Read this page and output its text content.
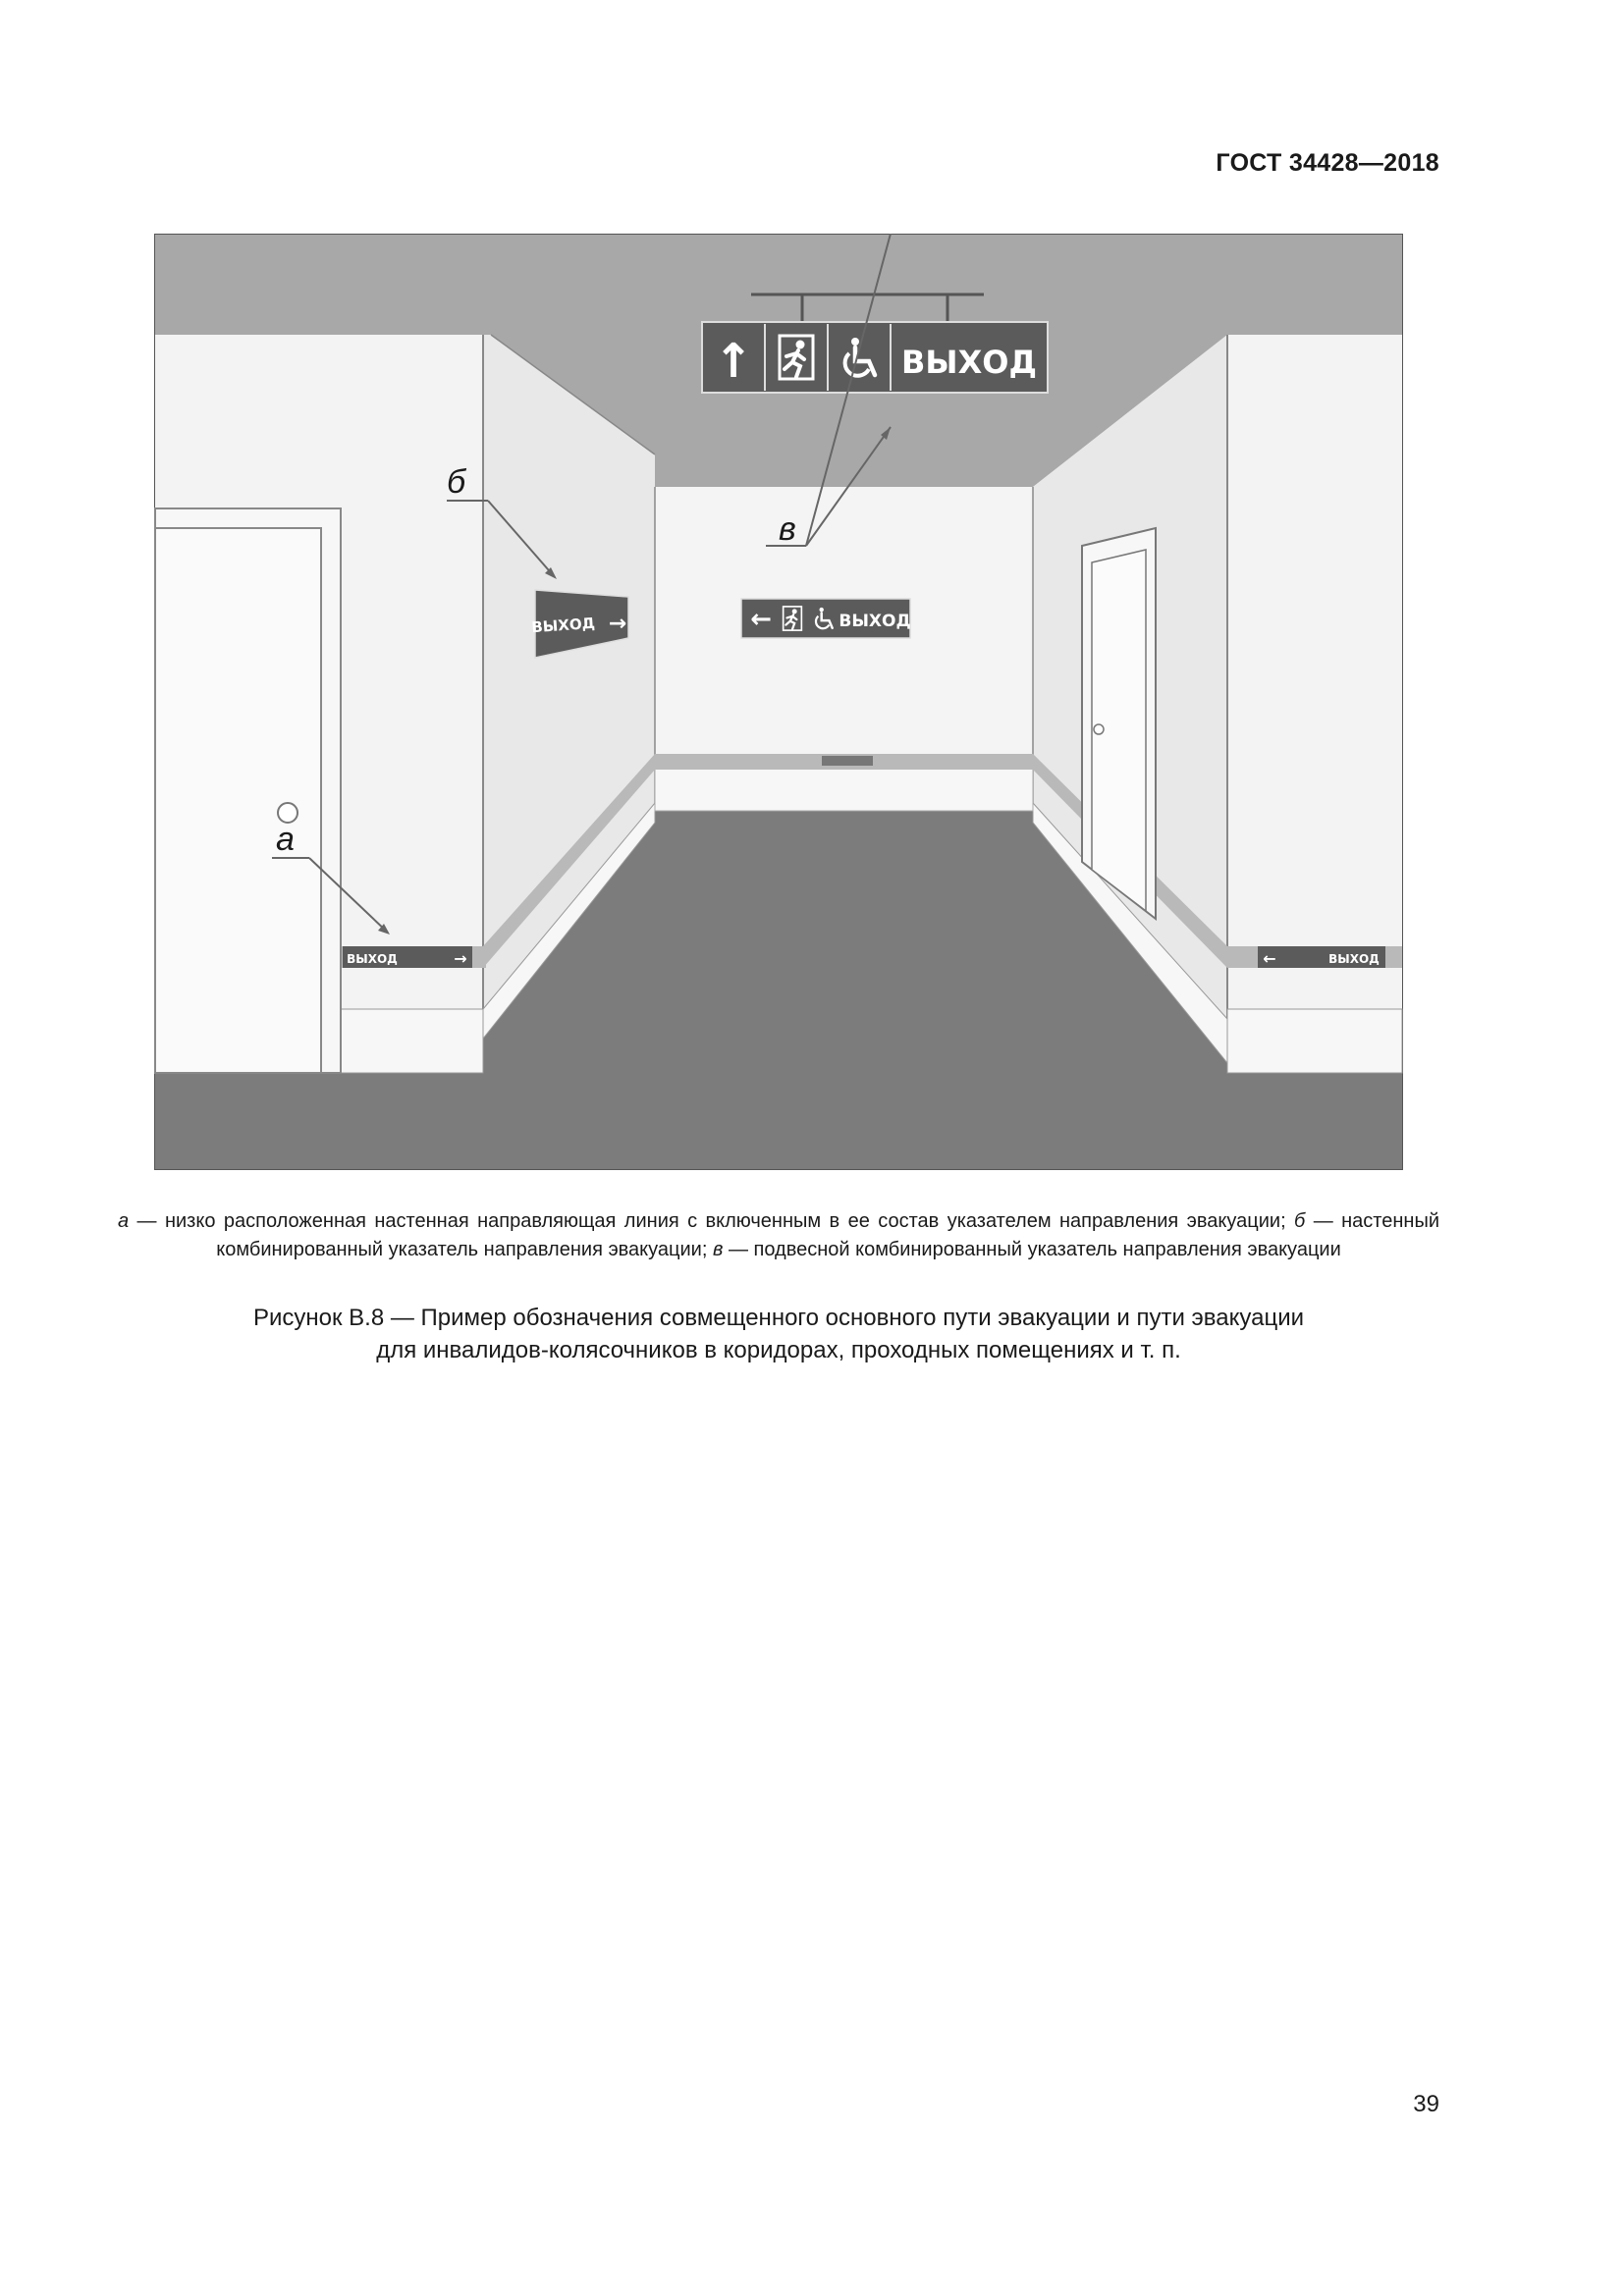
ГОСТ 34428—2018
↑	ВЫХОД
←	ВЫХОД
ВЫХОД →
ВЫХОД	→	←	ВЫХОД
в
б
а
а — низко расположенная настенная направляющая линия с включенным в ее состав указателем направления эвакуации; б — настенный комбинированный указатель направления эвакуации; в — подвесной комбинированный указатель направления эвакуации
Рисунок В.8 — Пример обозначения совмещенного основного пути эвакуации и пути эвакуации
для инвалидов-колясочников в коридорах, проходных помещениях и т. п.
39
